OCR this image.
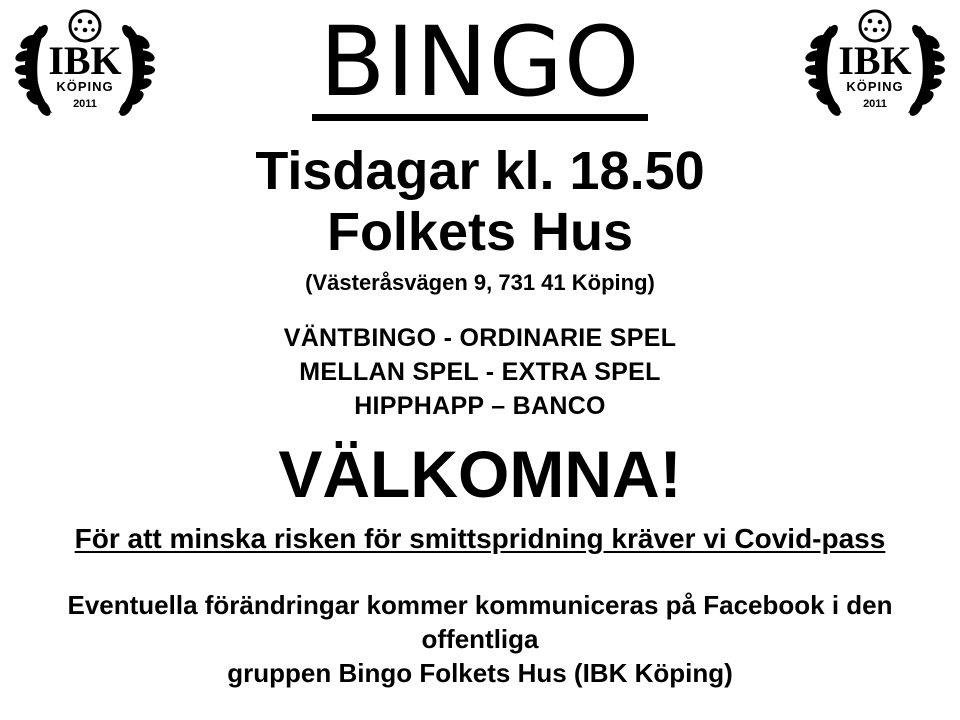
IBK
KÖPING
2011
IBK
KÖPING
2011
BINGO
Tisdagar kl. 18.50
Folkets Hus
(Västeråsvägen 9, 731 41 Köping)
VÄNTBINGO - ORDINARIE SPEL
MELLAN SPEL - EXTRA SPEL
HIPPHAPP – BANCO
VÄLKOMNA!
För att minska risken för smittspridning kräver vi Covid-pass
Eventuella förändringar kommer kommuniceras på Facebook i den offentliga
gruppen Bingo Folkets Hus (IBK Köping)
